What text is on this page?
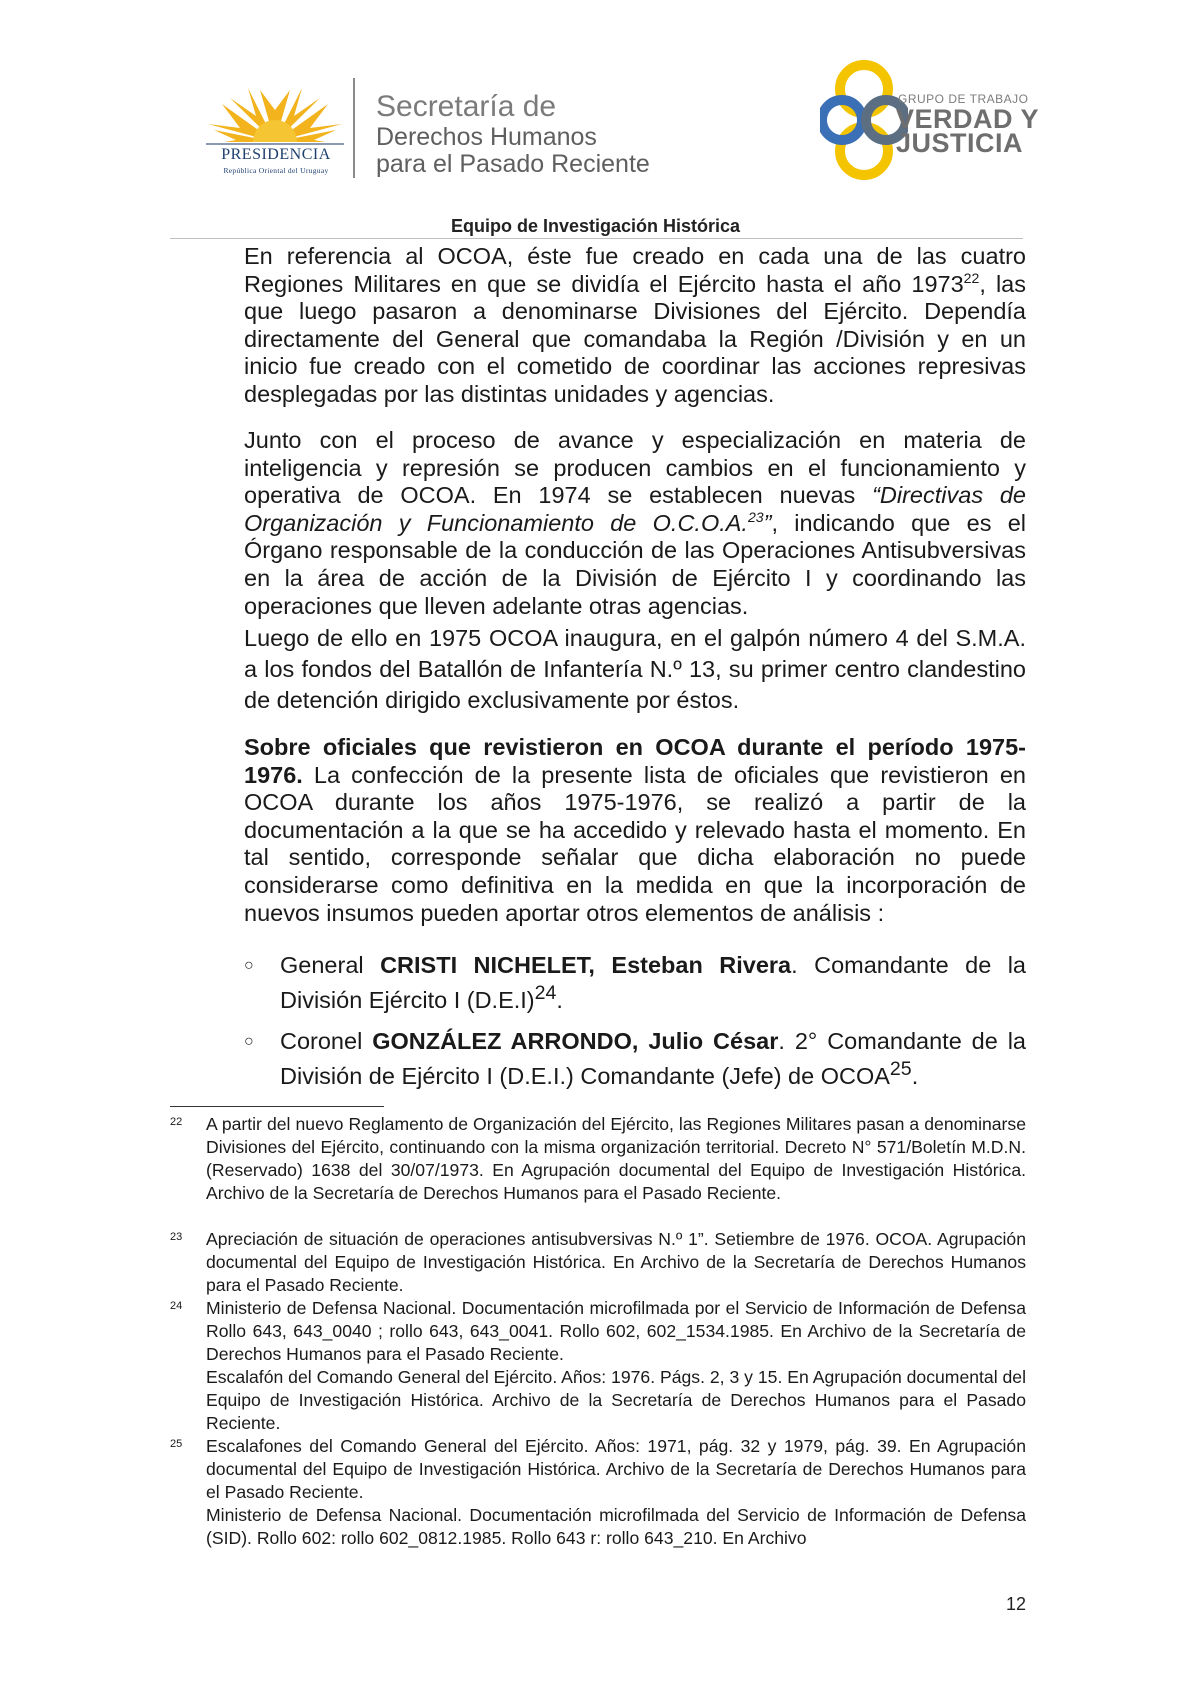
PRESIDENCIA
República Oriental del Uruguay
Secretaría de
Derechos Humanos
para el Pasado Reciente
GRUPO DE TRABAJO
VERDAD Y
JUSTICIA
Equipo de Investigación Histórica
En referencia al OCOA, éste fue creado en cada una de las cuatro Regiones Militares en que se dividía el Ejército hasta el año 1973$^{22}$, las que luego pasaron a denominarse Divisiones del Ejército. Dependía directamente del General que comandaba la Región /División y en un inicio fue creado con el cometido de coordinar las acciones represivas desplegadas por las distintas unidades y agencias.
Junto con el proceso de avance y especialización en materia de inteligencia y represión se producen cambios en el funcionamiento y operativa de OCOA. En 1974 se establecen nuevas “Directivas de Organización y Funcionamiento de O.C.O.A.$^{23}$”, indicando que es el Órgano responsable de la conducción de las Operaciones Antisubversivas en la área de acción de la División de Ejército I y coordinando las operaciones que lleven adelante otras agencias.
Luego de ello en 1975 OCOA inaugura, en el galpón número 4 del S.M.A. a los fondos del Batallón de Infantería N.º 13, su primer centro clandestino de detención dirigido exclusivamente por éstos.
Sobre oficiales que revistieron en OCOA durante el período 1975-1976. La confección de la presente lista de oficiales que revistieron en OCOA durante los años 1975-1976, se realizó a partir de la documentación a la que se ha accedido y relevado hasta el momento. En tal sentido, corresponde señalar que dicha elaboración no puede considerarse como definitiva en la medida en que la incorporación de nuevos insumos pueden aportar otros elementos de análisis :
○ General CRISTI NICHELET, Esteban Rivera. Comandante de la División Ejército I $(D.E.I)^{24}$.
○ Coronel GONZÁLEZ ARRONDO, Julio César. 2° Comandante de la División de Ejército I (D.E.I.) Comandante (Jefe) de OCOA$^{25}$.
22 A partir del nuevo Reglamento de Organización del Ejército, las Regiones Militares pasan a denominarse Divisiones del Ejército, continuando con la misma organización territorial. Decreto N° 571/Boletín M.D.N. (Reservado) 1638 del 30/07/1973. En Agrupación documental del Equipo de Investigación Histórica. Archivo de la Secretaría de Derechos Humanos para el Pasado Reciente.
23 Apreciación de situación de operaciones antisubversivas N.º 1”. Setiembre de 1976. OCOA. Agrupación documental del Equipo de Investigación Histórica. En Archivo de la Secretaría de Derechos Humanos para el Pasado Reciente.
24 Ministerio de Defensa Nacional. Documentación microfilmada por el Servicio de Información de Defensa Rollo 643, 643_0040 ; rollo 643, 643_0041. Rollo 602, 602_1534.1985. En Archivo de la Secretaría de Derechos Humanos para el Pasado Reciente.
Escalafón del Comando General del Ejército. Años: 1976. Págs. 2, 3 y 15. En Agrupación documental del Equipo de Investigación Histórica. Archivo de la Secretaría de Derechos Humanos para el Pasado Reciente.
25 Escalafones del Comando General del Ejército. Años: 1971, pág. 32 y 1979, pág. 39. En Agrupación documental del Equipo de Investigación Histórica. Archivo de la Secretaría de Derechos Humanos para el Pasado Reciente.
Ministerio de Defensa Nacional. Documentación microfilmada del Servicio de Información de Defensa (SID). Rollo 602: rollo 602_0812.1985. Rollo 643 r: rollo 643_210. En Archivo
12
